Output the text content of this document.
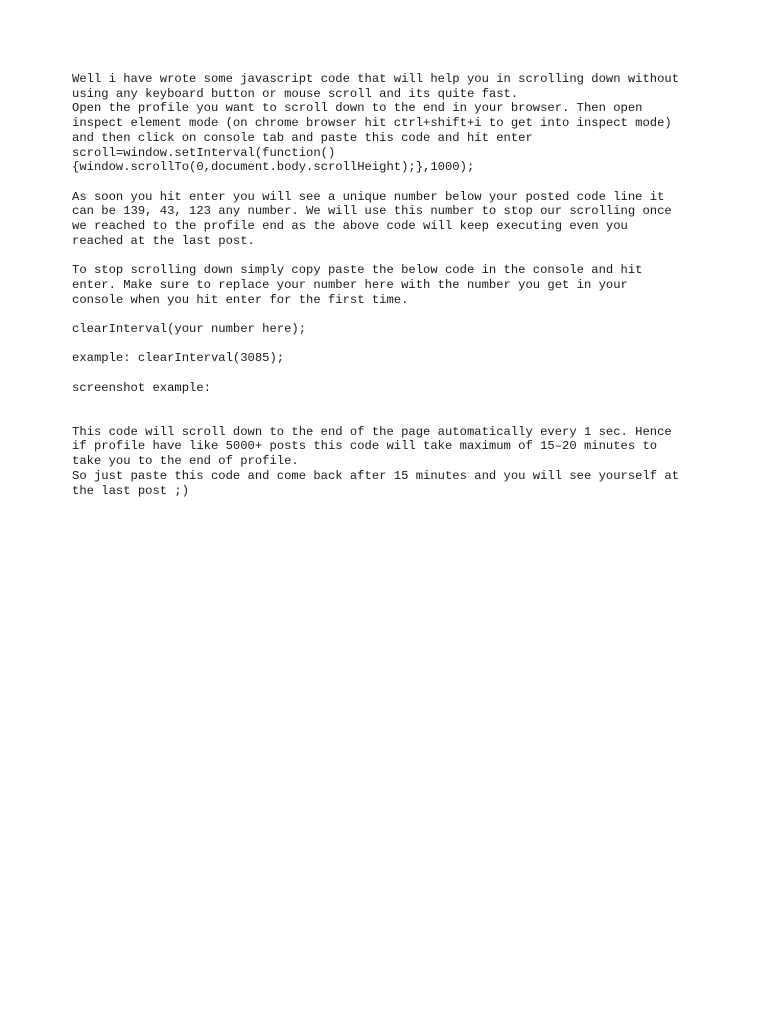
Well i have wrote some javascript code that will help you in scrolling down without
using any keyboard button or mouse scroll and its quite fast.
Open the profile you want to scroll down to the end in your browser. Then open
inspect element mode (on chrome browser hit ctrl+shift+i to get into inspect mode)
and then click on console tab and paste this code and hit enter
scroll=window.setInterval(function()
{window.scrollTo(0,document.body.scrollHeight);},1000);
As soon you hit enter you will see a unique number below your posted code line it
can be 139, 43, 123 any number. We will use this number to stop our scrolling once
we reached to the profile end as the above code will keep executing even you
reached at the last post.
To stop scrolling down simply copy paste the below code in the console and hit
enter. Make sure to replace your number here with the number you get in your
console when you hit enter for the first time.
clearInterval(your number here);
example: clearInterval(3085);
screenshot example:
This code will scroll down to the end of the page automatically every 1 sec. Hence
if profile have like 5000+ posts this code will take maximum of 15–20 minutes to
take you to the end of profile.
So just paste this code and come back after 15 minutes and you will see yourself at
the last post ;)
